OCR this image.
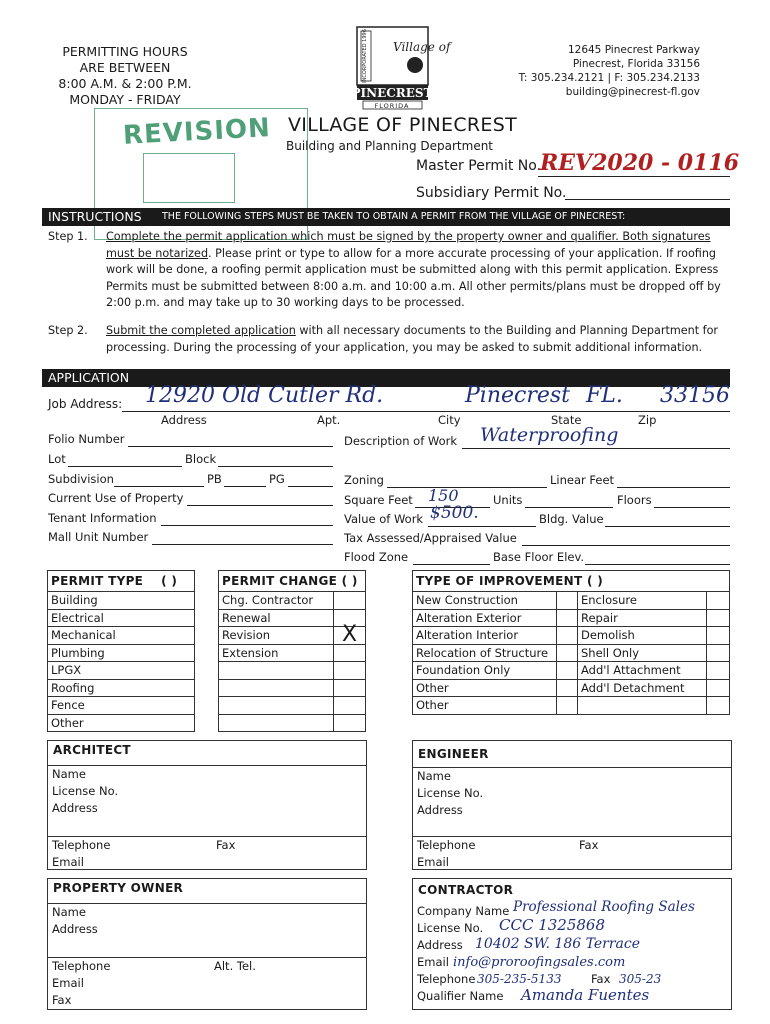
PERMITTING HOURS
ARE BETWEEN
8:00 A.M. & 2:00 P.M.
MONDAY - FRIDAY
INCORPORATED 1996 Village of
PINECREST
FLORIDA
12645 Pinecrest Parkway
Pinecrest, Florida 33156
T: 305.234.2121 | F: 305.234.2133
building@pinecrest-fl.gov
REVISION VILLAGE OF PINECREST
Building and Planning Department
Master Permit No.
REV2020 - 0116
Subsidiary Permit No.
INSTRUCTIONS THE FOLLOWING STEPS MUST BE TAKEN TO OBTAIN A PERMIT FROM THE VILLAGE OF PINECREST:
Step 1. Complete the permit application which must be signed by the property owner and qualifier. Both signatures must be notarized. Please print or type to allow for a more accurate processing of your application. If roofing work will be done, a roofing permit application must be submitted along with this permit application. Express Permits must be submitted between 8:00 a.m. and 10:00 a.m. All other permits/plans must be dropped off by 2:00 p.m. and may take up to 30 working days to be processed.
Step 2. Submit the completed application with all necessary documents to the Building and Planning Department for processing. During the processing of your application, you may be asked to submit additional information.
APPLICATION
Job Address: 12920 Old Cutler Rd.	Pinecrest FL. 33156
Address	Apt.	City	State	Zip
Folio Number
Lot	Block
Subdivision	PB	PG
Current Use of Property
Tenant Information
Mall Unit Number
Description of Work Waterproofing
Zoning	Linear Feet
Square Feet 150	Units	Floors
Value of Work $500.	Bldg. Value
Tax Assessed/Appraised Value
Flood Zone	Base Floor Elev.
PERMIT TYPE ( )
Building
Electrical
Mechanical
Plumbing
LPGX
Roofing
Fence
Other
PERMIT CHANGE ( )	
Chg. Contractor	
Renewal	
Revision	X
Extension	

TYPE OF IMPROVEMENT ( )			
New Construction		Enclosure	
Alteration Exterior		Repair	
Alteration Interior		Demolish	
Relocation of Structure		Shell Only	
Foundation Only		Add'l Attachment	
Other		Add'l Detachment	
Other			
ARCHITECT
Name
License No.
Address
Telephone	Fax
Email
ENGINEER
Name
License No.
Address
Telephone	Fax
Email
PROPERTY OWNER
Name
Address
Telephone	Alt. Tel.
Email
Fax
CONTRACTOR
Company Name Professional Roofing Sales
License No. CCC 1325868
Address 10402 SW. 186 Terrace
Email info@proroofingsales.com
Telephone 305-235-5133	Fax 305-23
Qualifier Name Amanda Fuentes
